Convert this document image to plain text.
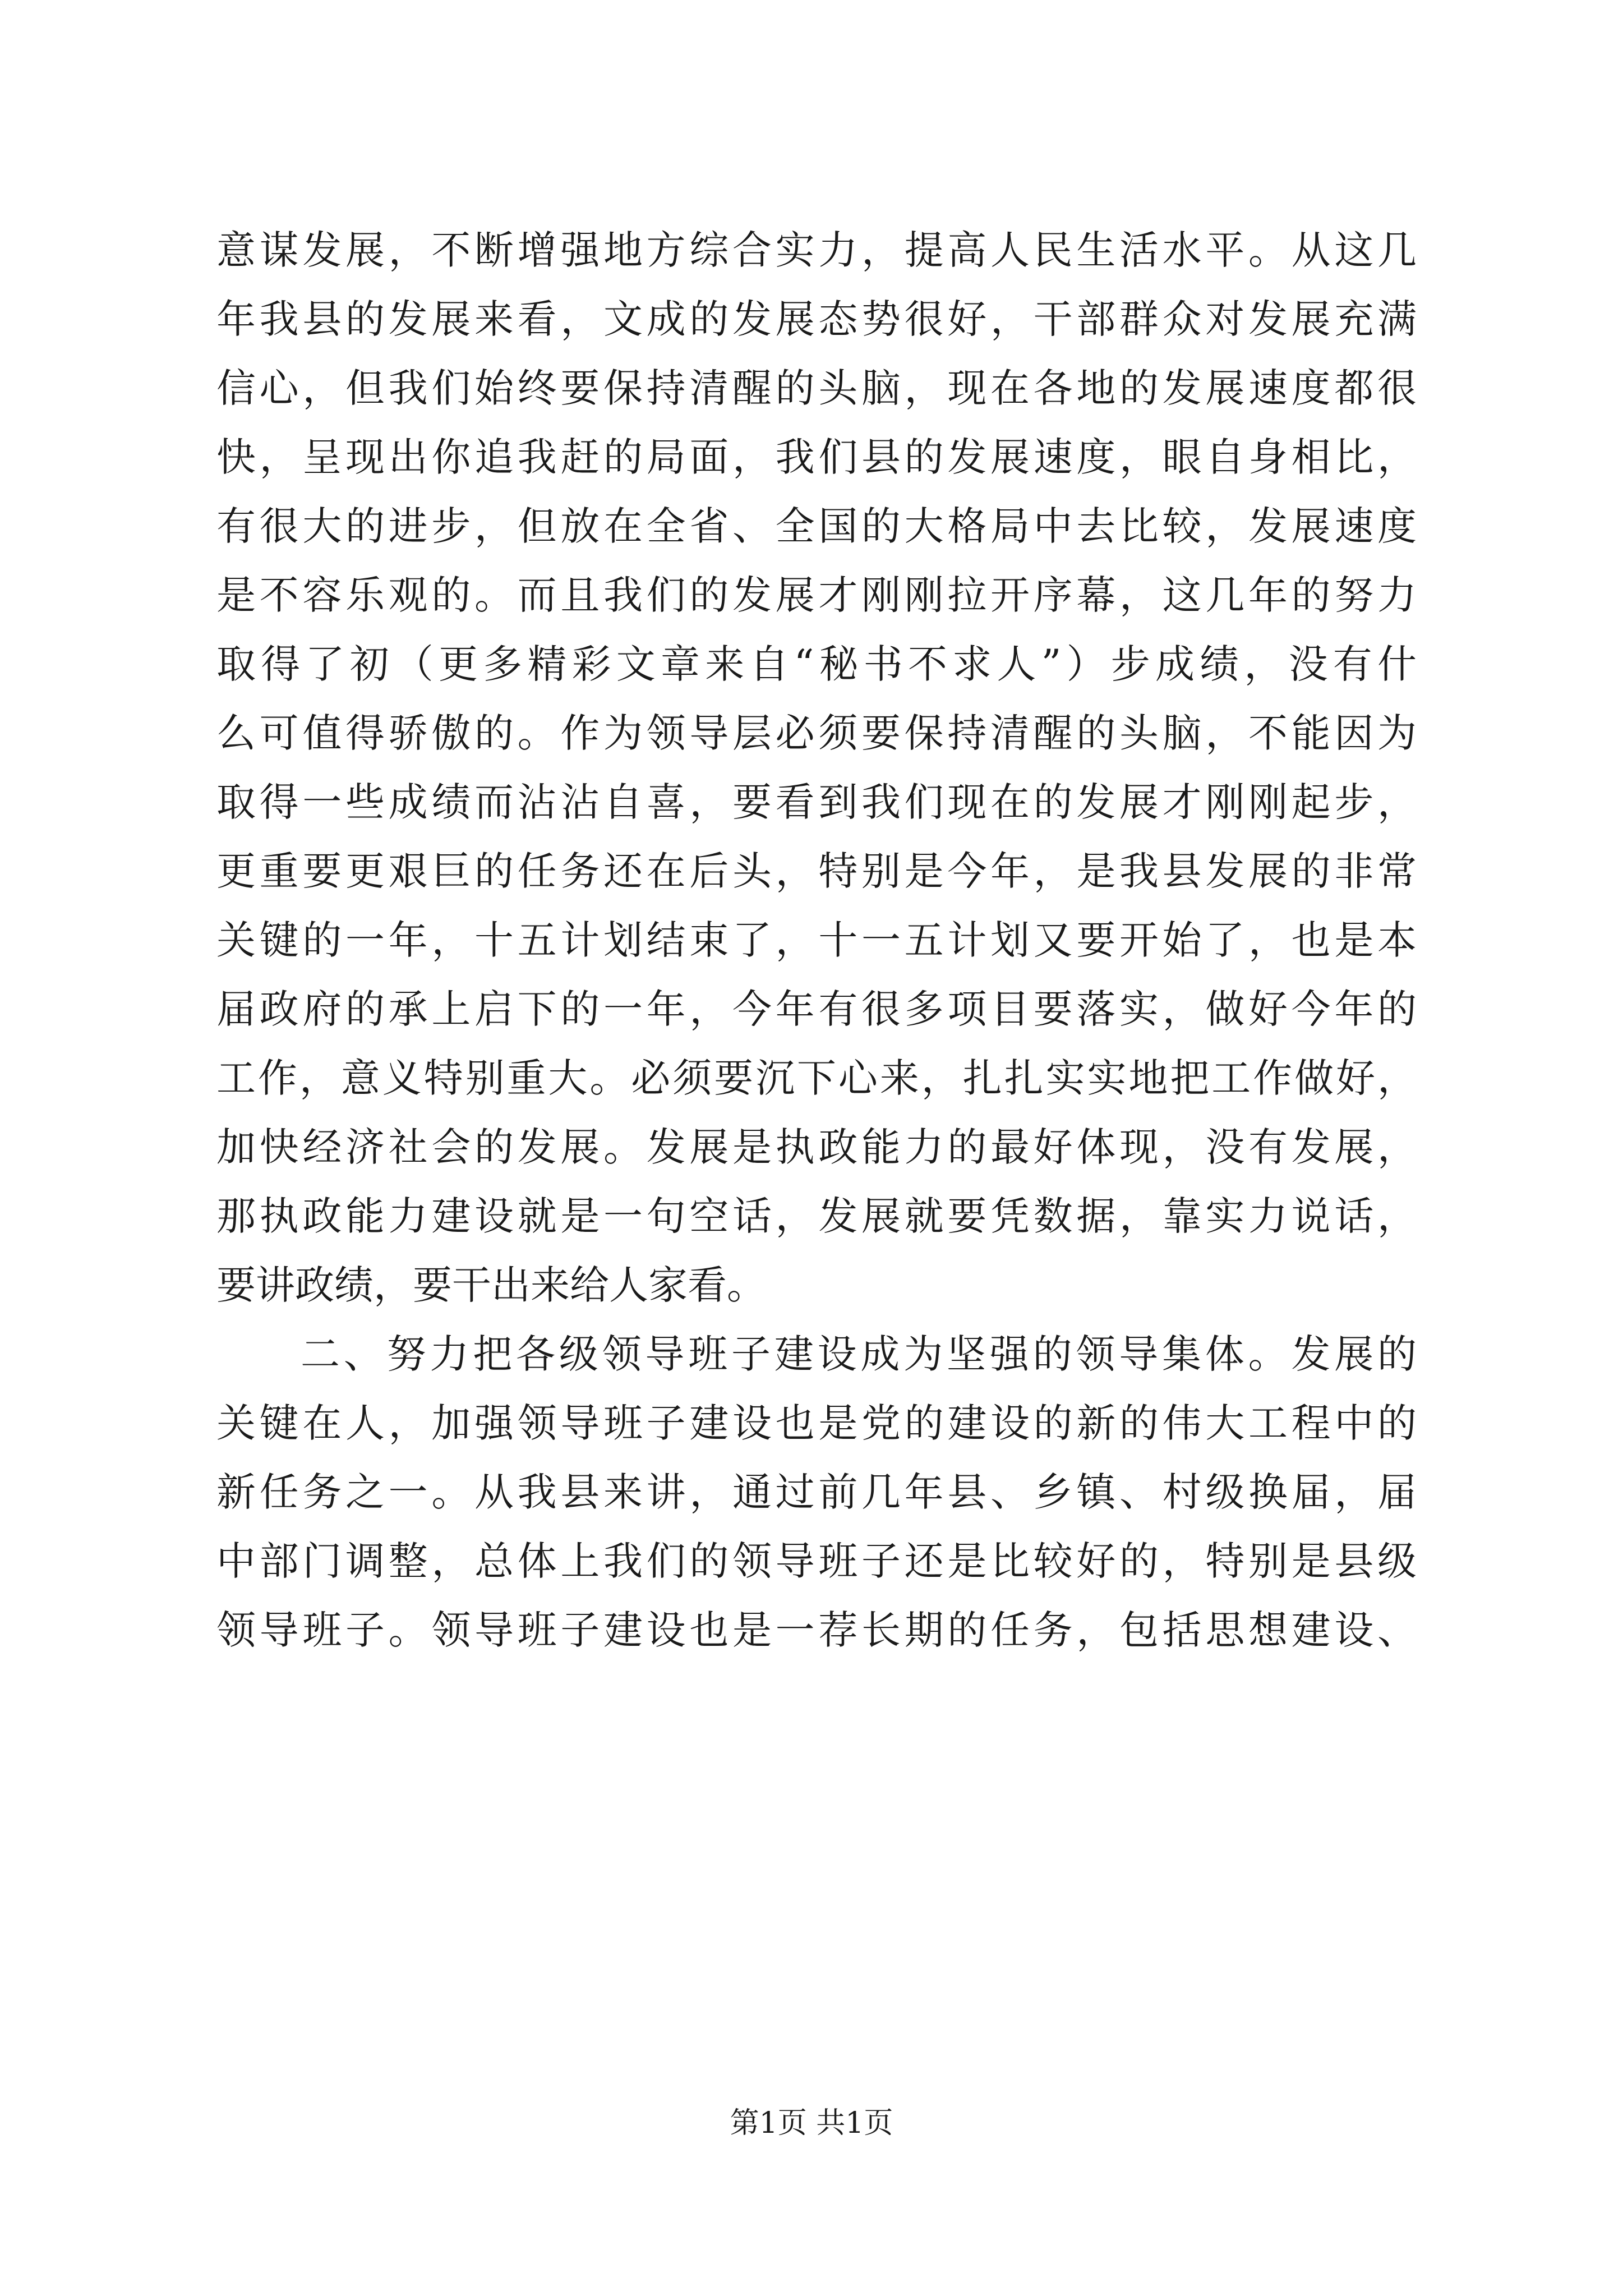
意谋发展，不断增强地方综合实力，提高人民生活水平。从这几
年我县的发展来看，文成的发展态势很好，干部群众对发展充满
信心，但我们始终要保持清醒的头脑，现在各地的发展速度都很
快，呈现出你追我赶的局面，我们县的发展速度，眼自身相比，
有很大的进步，但放在全省、全国的大格局中去比较，发展速度
是不容乐观的。而且我们的发展才刚刚拉开序幕，这几年的努力
取得了初（更多精彩文章来自“秘书不求人”）步成绩，没有什
么可值得骄傲的。作为领导层必须要保持清醒的头脑，不能因为
取得一些成绩而沾沾自喜，要看到我们现在的发展才刚刚起步，
更重要更艰巨的任务还在后头，特别是今年，是我县发展的非常
关键的一年，十五计划结束了，十一五计划又要开始了，也是本
届政府的承上启下的一年，今年有很多项目要落实，做好今年的
工作，意义特别重大。必须要沉下心来，扎扎实实地把工作做好，
加快经济社会的发展。发展是执政能力的最好体现，没有发展，
那执政能力建设就是一句空话，发展就要凭数据，靠实力说话，
要讲政绩，要干出来给人家看。
二、努力把各级领导班子建设成为坚强的领导集体。发展的
关键在人，加强领导班子建设也是党的建设的新的伟大工程中的
新任务之一。从我县来讲，通过前几年县、乡镇、村级换届，届
中部门调整，总体上我们的领导班子还是比较好的，特别是县级
领导班子。领导班子建设也是一荐长期的任务，包括思想建设、
第1页 共1页
